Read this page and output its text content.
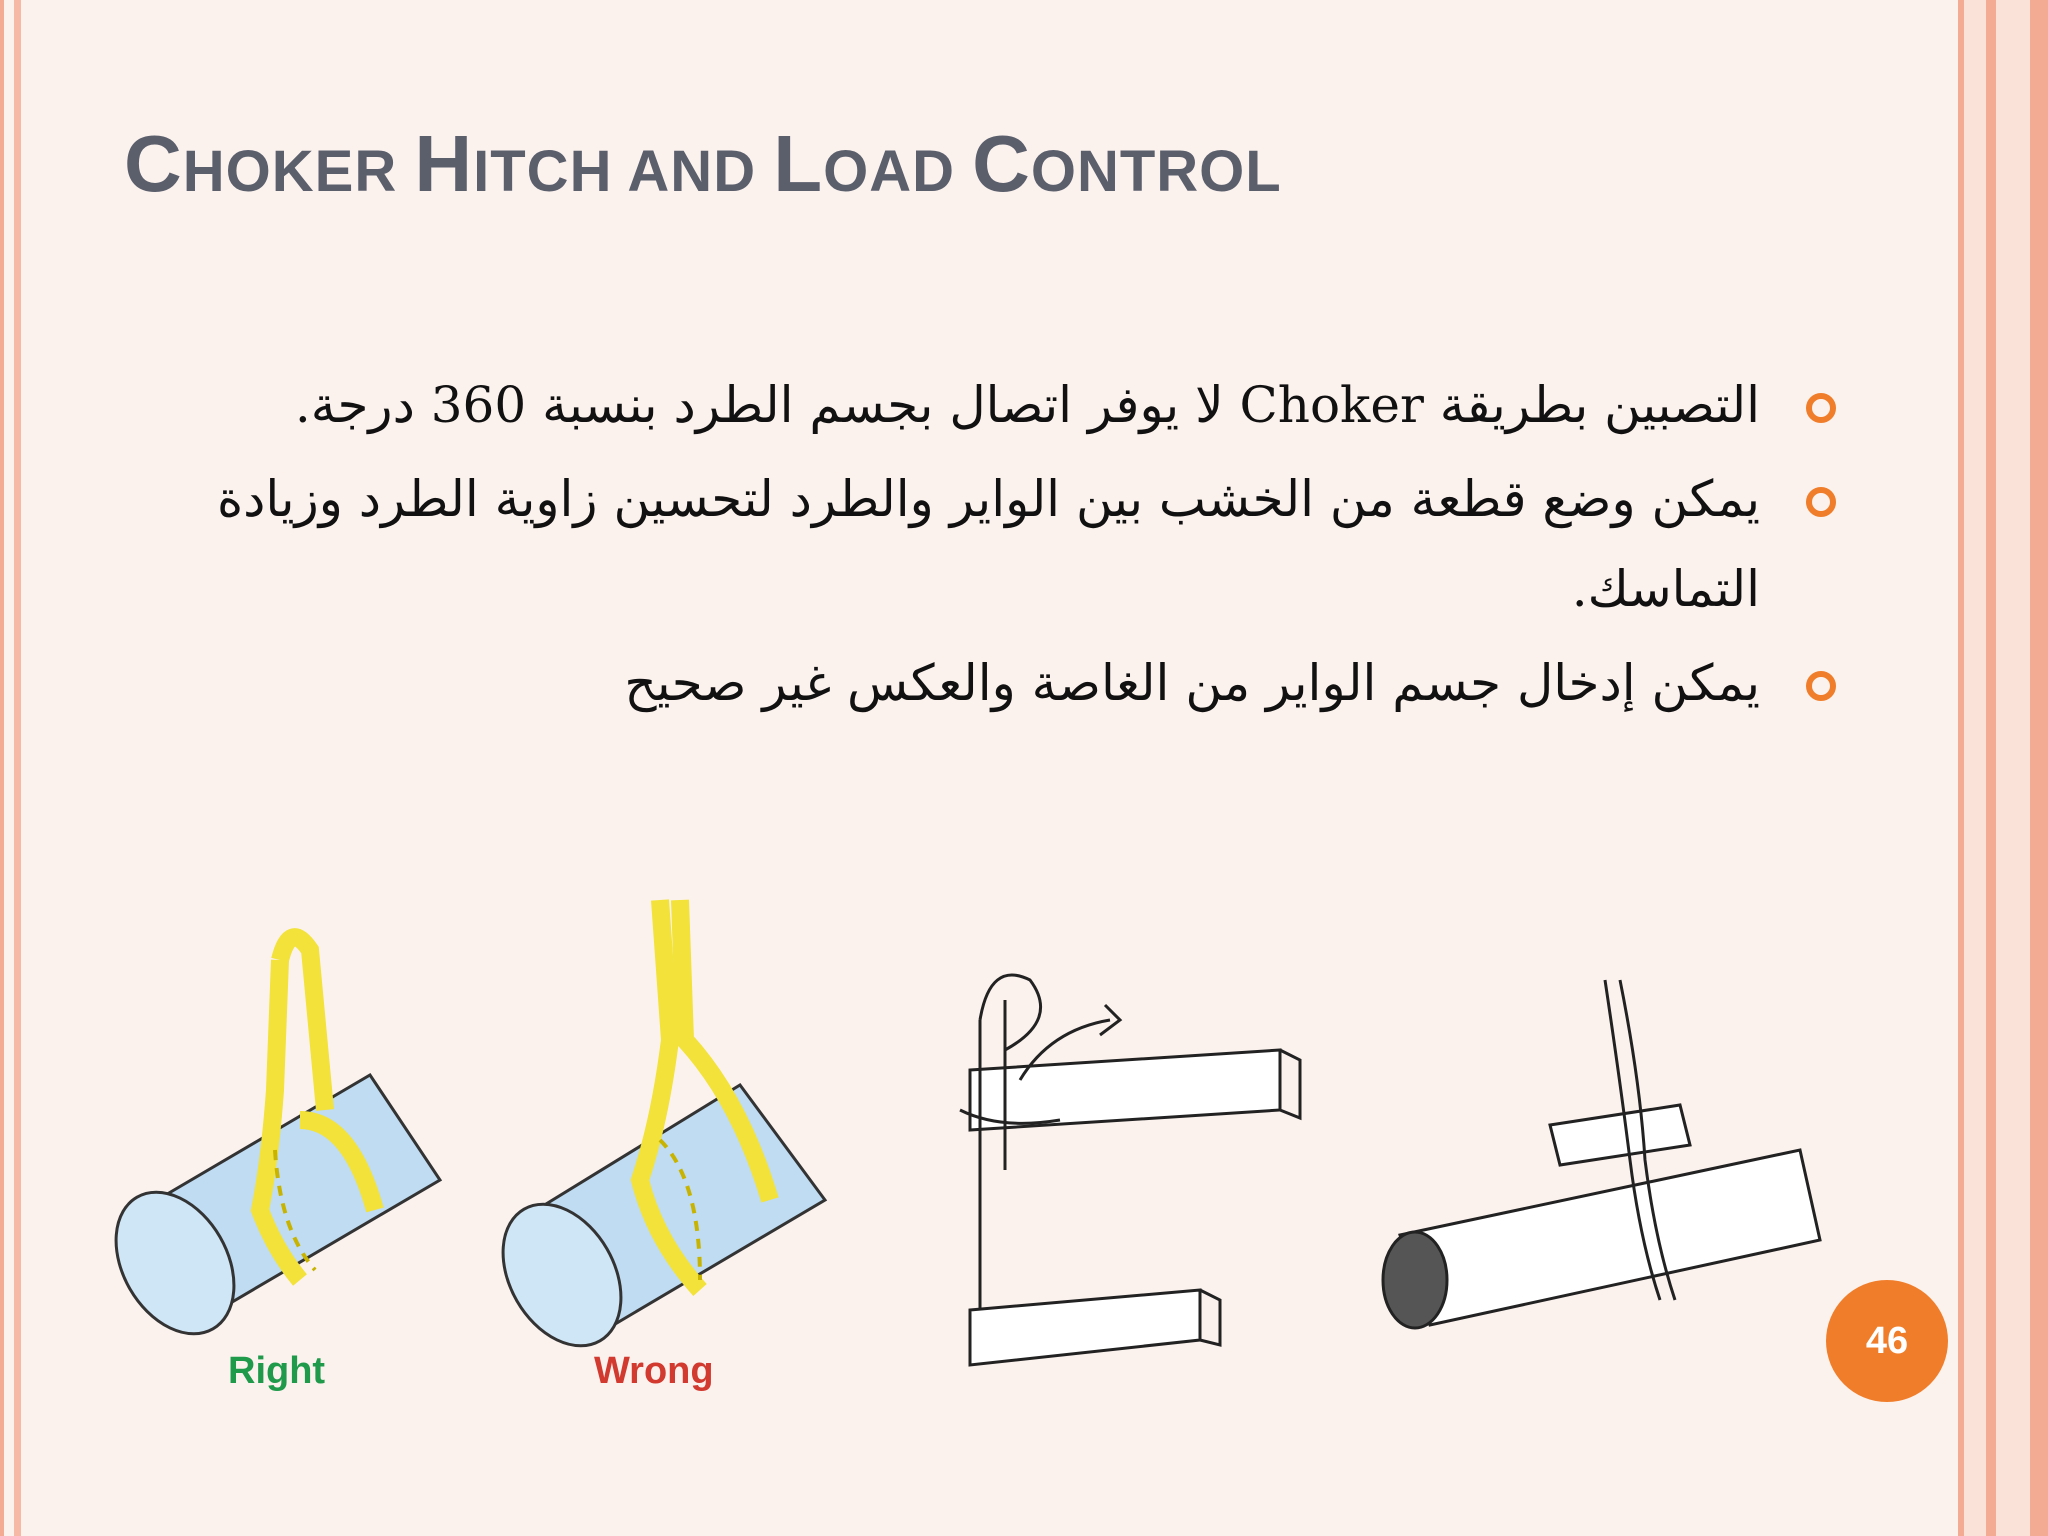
CHOKER HITCH AND LOAD CONTROL
التصبين بطريقة Choker لا يوفر اتصال بجسم الطرد بنسبة 360 درجة.
يمكن وضع قطعة من الخشب بين الواير والطرد لتحسين زاوية الطرد وزيادة التماسك.
يمكن إدخال جسم الواير من الغاصة والعكس غير صحيح
Right	Wrong
46
